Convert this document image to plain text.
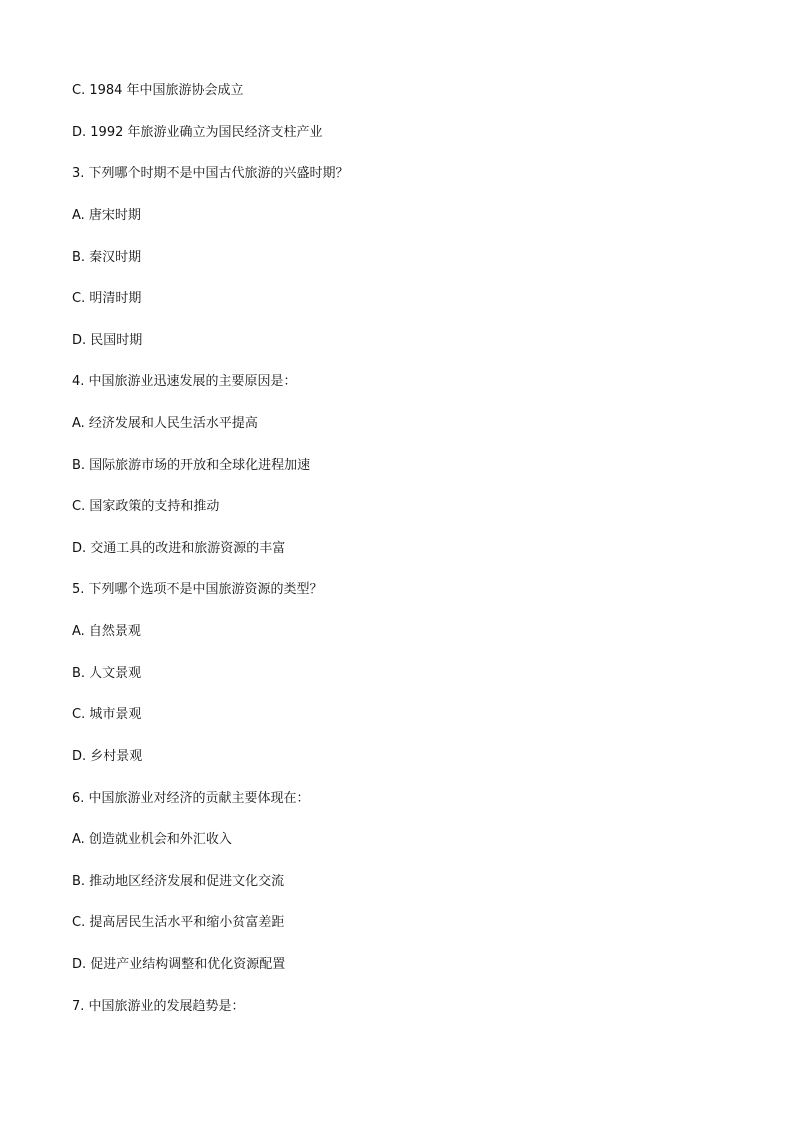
C. 1984 年中国旅游协会成立
D. 1992 年旅游业确立为国民经济支柱产业
3. 下列哪个时期不是中国古代旅游的兴盛时期？
A. 唐宋时期
B. 秦汉时期
C. 明清时期
D. 民国时期
4. 中国旅游业迅速发展的主要原因是：
A. 经济发展和人民生活水平提高
B. 国际旅游市场的开放和全球化进程加速
C. 国家政策的支持和推动
D. 交通工具的改进和旅游资源的丰富
5. 下列哪个选项不是中国旅游资源的类型？
A. 自然景观
B. 人文景观
C. 城市景观
D. 乡村景观
6. 中国旅游业对经济的贡献主要体现在：
A. 创造就业机会和外汇收入
B. 推动地区经济发展和促进文化交流
C. 提高居民生活水平和缩小贫富差距
D. 促进产业结构调整和优化资源配置
7. 中国旅游业的发展趋势是：
